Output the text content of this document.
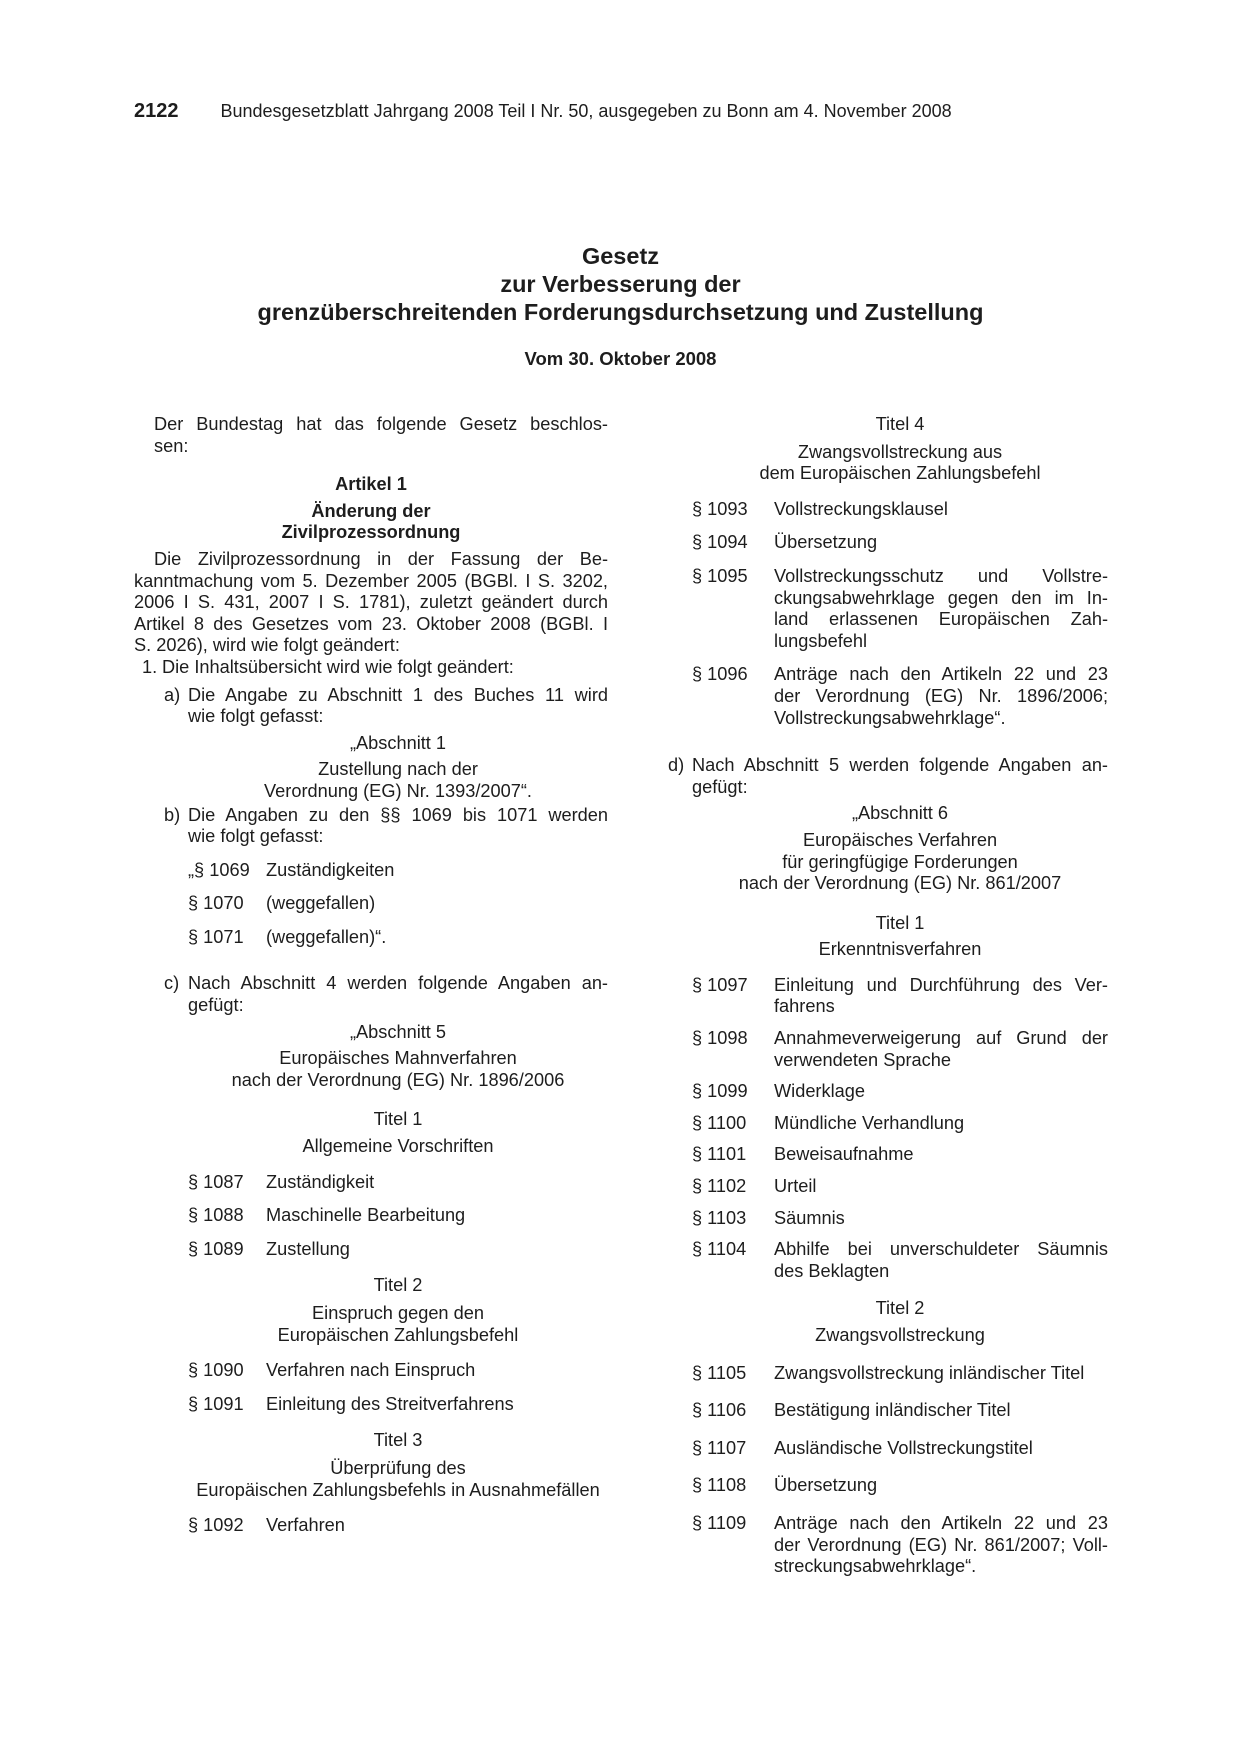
2122 Bundesgesetzblatt Jahrgang 2008 Teil I Nr. 50, ausgegeben zu Bonn am 4. November 2008
Gesetz
zur Verbesserung der
grenzüberschreitenden Forderungsdurchsetzung und Zustellung
Vom 30. Oktober 2008
Der Bundestag hat das folgende Gesetz beschlos-
sen:
Artikel 1
Änderung der
Zivilprozessordnung
Die Zivilprozessordnung in der Fassung der Be-
kanntmachung vom 5. Dezember 2005 (BGBl. I S. 3202,
2006 I S. 431, 2007 I S. 1781), zuletzt geändert durch
Artikel 8 des Gesetzes vom 23. Oktober 2008 (BGBl. I
S. 2026), wird wie folgt geändert:
1. Die Inhaltsübersicht wird wie folgt geändert:
a) Die Angabe zu Abschnitt 1 des Buches 11 wird
wie folgt gefasst:
„Abschnitt 1
Zustellung nach der
Verordnung (EG) Nr. 1393/2007“.
b) Die Angaben zu den §§ 1069 bis 1071 werden
wie folgt gefasst:
„§ 1069 Zuständigkeiten
§ 1070	(weggefallen)
§ 1071	(weggefallen)“.
c) Nach Abschnitt 4 werden folgende Angaben an-
gefügt:
„Abschnitt 5
Europäisches Mahnverfahren
nach der Verordnung (EG) Nr. 1896/2006
Titel 1
Allgemeine Vorschriften
§ 1087	Zuständigkeit
§ 1088	Maschinelle Bearbeitung
§ 1089	Zustellung
Titel 2
Einspruch gegen den
Europäischen Zahlungsbefehl
§ 1090	Verfahren nach Einspruch
§ 1091	Einleitung des Streitverfahrens
Titel 3
Überprüfung des
Europäischen Zahlungsbefehls in Ausnahmefällen
§ 1092	Verfahren
Titel 4
Zwangsvollstreckung aus
dem Europäischen Zahlungsbefehl
§ 1093	Vollstreckungsklausel
§ 1094	Übersetzung
§ 1095	Vollstreckungsschutz und Vollstre-
ckungsabwehrklage gegen den im In-
land erlassenen Europäischen Zah-
lungsbefehl
§ 1096	Anträge nach den Artikeln 22 und 23
der Verordnung (EG) Nr. 1896/2006;
Vollstreckungsabwehrklage“.
d) Nach Abschnitt 5 werden folgende Angaben an-
gefügt:
„Abschnitt 6
Europäisches Verfahren
für geringfügige Forderungen
nach der Verordnung (EG) Nr. 861/2007
Titel 1
Erkenntnisverfahren
§ 1097	Einleitung und Durchführung des Ver-
fahrens
§ 1098	Annahmeverweigerung auf Grund der
verwendeten Sprache
§ 1099	Widerklage
§ 1100	Mündliche Verhandlung
§ 1101	Beweisaufnahme
§ 1102	Urteil
§ 1103	Säumnis
§ 1104	Abhilfe bei unverschuldeter Säumnis
des Beklagten
Titel 2
Zwangsvollstreckung
§ 1105	Zwangsvollstreckung inländischer Titel
§ 1106	Bestätigung inländischer Titel
§ 1107	Ausländische Vollstreckungstitel
§ 1108	Übersetzung
§ 1109	Anträge nach den Artikeln 22 und 23
der Verordnung (EG) Nr. 861/2007; Voll-
streckungsabwehrklage“.
